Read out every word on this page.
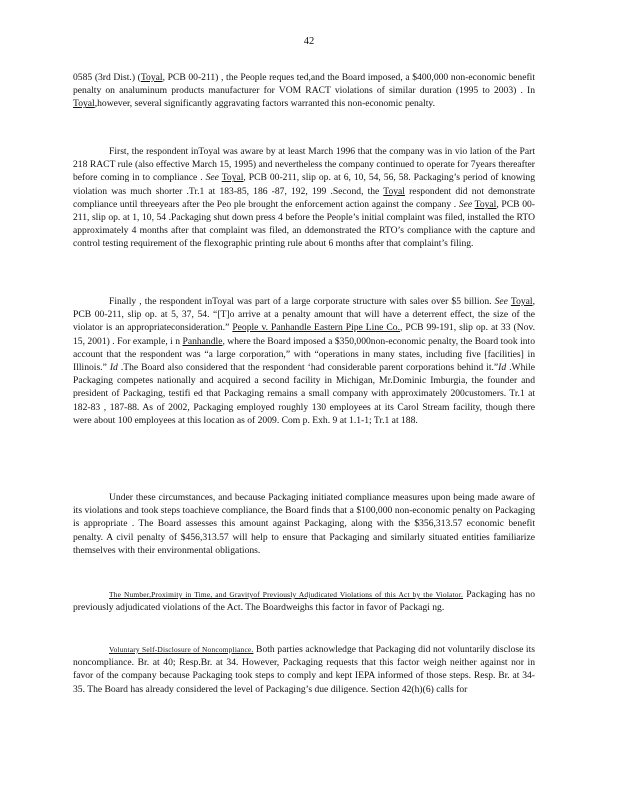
42

0585 (3rd Dist.) (Toyal, PCB 00-211) , the People reques ted,and the Board imposed, a $400,000 non-economic benefit penalty on analuminum products manufacturer for VOM RACT violations of similar duration (1995 to 2003) . In Toyal,however, several significantly aggravating factors warranted this non-economic penalty.

First, the respondent inToyal was aware by at least March 1996 that the company was in vio lation of the Part 218 RACT rule (also effective March 15, 1995) and nevertheless the company continued to operate for 7years thereafter before coming in to compliance . See Toyal, PCB 00-211, slip op. at 6, 10, 54, 56, 58. Packaging’s period of knowing violation was much shorter .Tr.1 at 183-85, 186 -87, 192, 199 .Second, the Toyal respondent did not demonstrate compliance until threeyears after the Peo ple brought the enforcement action against the company . See Toyal, PCB 00-211, slip op. at 1, 10, 54 .Packaging shut down press 4 before the People’s initial complaint was filed, installed the RTO approximately 4 months after that complaint was filed, an ddemonstrated the RTO’s compliance with the capture and control testing requirement of the flexographic printing rule about 6 months after that complaint’s filing.

Finally , the respondent inToyal was part of a large corporate structure with sales over $5 billion. See Toyal, PCB 00-211, slip op. at 5, 37, 54. “[T]o arrive at a penalty amount that will have a deterrent effect, the size of the violator is an appropriateconsideration.” People v. Panhandle Eastern Pipe Line Co., PCB 99-191, slip op. at 33 (Nov. 15, 2001) . For example, i n Panhandle, where the Board imposed a $350,000non-economic penalty, the Board took into account that the respondent was “a large corporation,” with “operations in many states, including five [facilities] in Illinois.” Id .The Board also considered that the respondent ‘had considerable parent corporations behind it.”Id .While Packaging competes nationally and acquired a second facility in Michigan, Mr.Dominic Imburgia, the founder and president of Packaging, testifi ed that Packaging remains a small company with approximately 200customers. Tr.1 at 182-83 , 187-88. As of 2002, Packaging employed roughly 130 employees at its Carol Stream facility, though there were about 100 employees at this location as of 2009. Com p. Exh. 9 at 1.1-1; Tr.1 at 188.

Under these circumstances, and because Packaging initiated compliance measures upon being made aware of its violations and took steps toachieve compliance, the Board finds that a $100,000 non-economic penalty on Packaging is appropriate . The Board assesses this amount against Packaging, along with the $356,313.57 economic benefit penalty. A civil penalty of $456,313.57 will help to ensure that Packaging and similarly situated entities familiarize themselves with their environmental obligations.

The Number,Proximity in Time, and Gravityof Previously Adjudicated Violations of this Act by the Violator. Packaging has no previously adjudicated violations of the Act. The Boardweighs this factor in favor of Packagi ng.

Voluntary Self-Disclosure of Noncompliance. Both parties acknowledge that Packaging did not voluntarily disclose its noncompliance. Br. at 40; Resp.Br. at 34. However, Packaging requests that this factor weigh neither against nor in favor of the company because Packaging took steps to comply and kept IEPA informed of those steps. Resp. Br. at 34-35. The Board has already considered the level of Packaging’s due diligence. Section 42(h)(6) calls for
